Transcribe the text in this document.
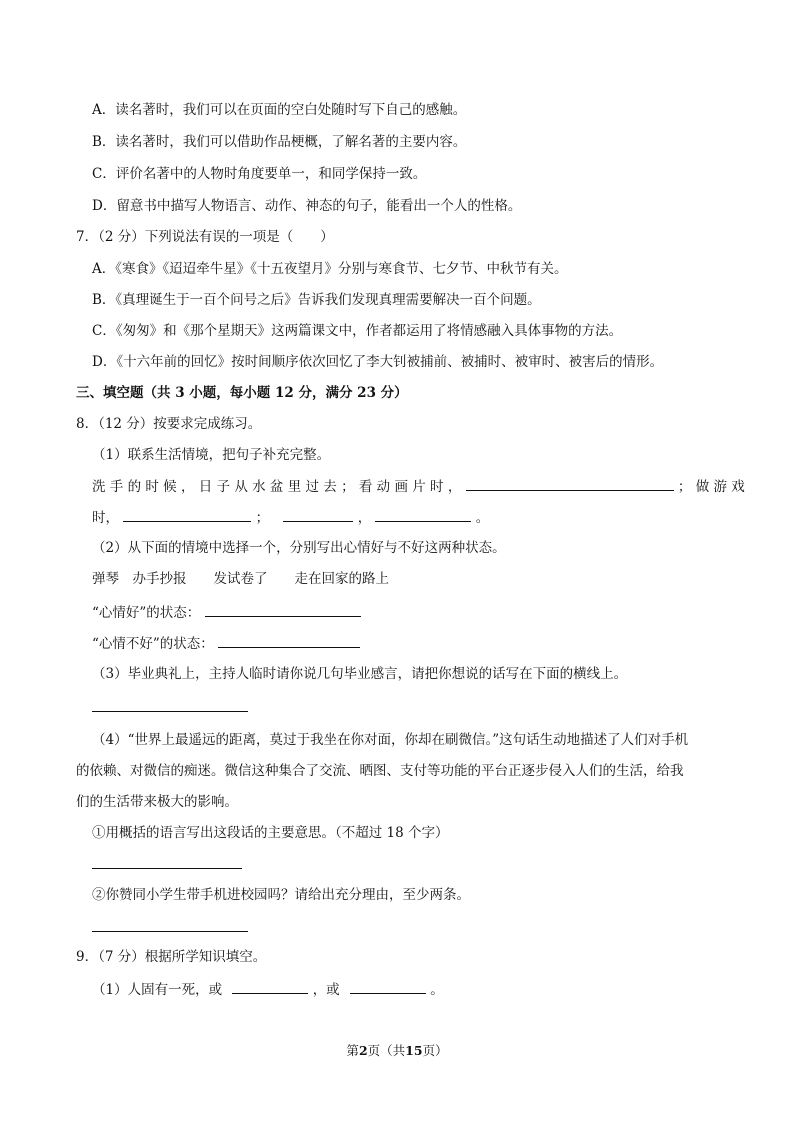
A．读名著时，我们可以在页面的空白处随时写下自己的感触。
B．读名著时，我们可以借助作品梗概，了解名著的主要内容。
C．评价名著中的人物时角度要单一，和同学保持一致。
D．留意书中描写人物语言、动作、神态的句子，能看出一个人的性格。
7．（2 分）下列说法有误的一项是（　　）
A．《寒食》《迢迢牵牛星》《十五夜望月》分别与寒食节、七夕节、中秋节有关。
B．《真理诞生于一百个问号之后》告诉我们发现真理需要解决一百个问题。
C．《匆匆》和《那个星期天》这两篇课文中，作者都运用了将情感融入具体事物的方法。
D．《十六年前的回忆》按时间顺序依次回忆了李大钊被捕前、被捕时、被审时、被害后的情形。
三、填空题（共 3 小题，每小题 12 分，满分 23 分）
8．（12 分）按要求完成练习。
（1）联系生活情境，把句子补充完整。
洗 手 的 时 候 ， 日 子 从 水 盆 里 过 去 ； 看 动 画 片 时 ，	； 做 游 戏
时，	；	，	。
（2）从下面的情境中选择一个，分别写出心情好与不好这两种状态。
弹琴　办手抄报　　发试卷了　　走在回家的路上
“心情好”的状态：
“心情不好”的状态：
（3）毕业典礼上，主持人临时请你说几句毕业感言，请把你想说的话写在下面的横线上。
（4）“世界上最遥远的距离，莫过于我坐在你对面，你却在刷微信。”这句话生动地描述了人们对手机
的依赖、对微信的痴迷。微信这种集合了交流、晒图、支付等功能的平台正逐步侵入人们的生活，给我
们的生活带来极大的影响。
①用概括的语言写出这段话的主要意思。（不超过 18 个字）
②你赞同小学生带手机进校园吗？请给出充分理由，至少两条。
9．（7 分）根据所学知识填空。
（1）人固有一死，或	，或	。
第2页（共15页）
